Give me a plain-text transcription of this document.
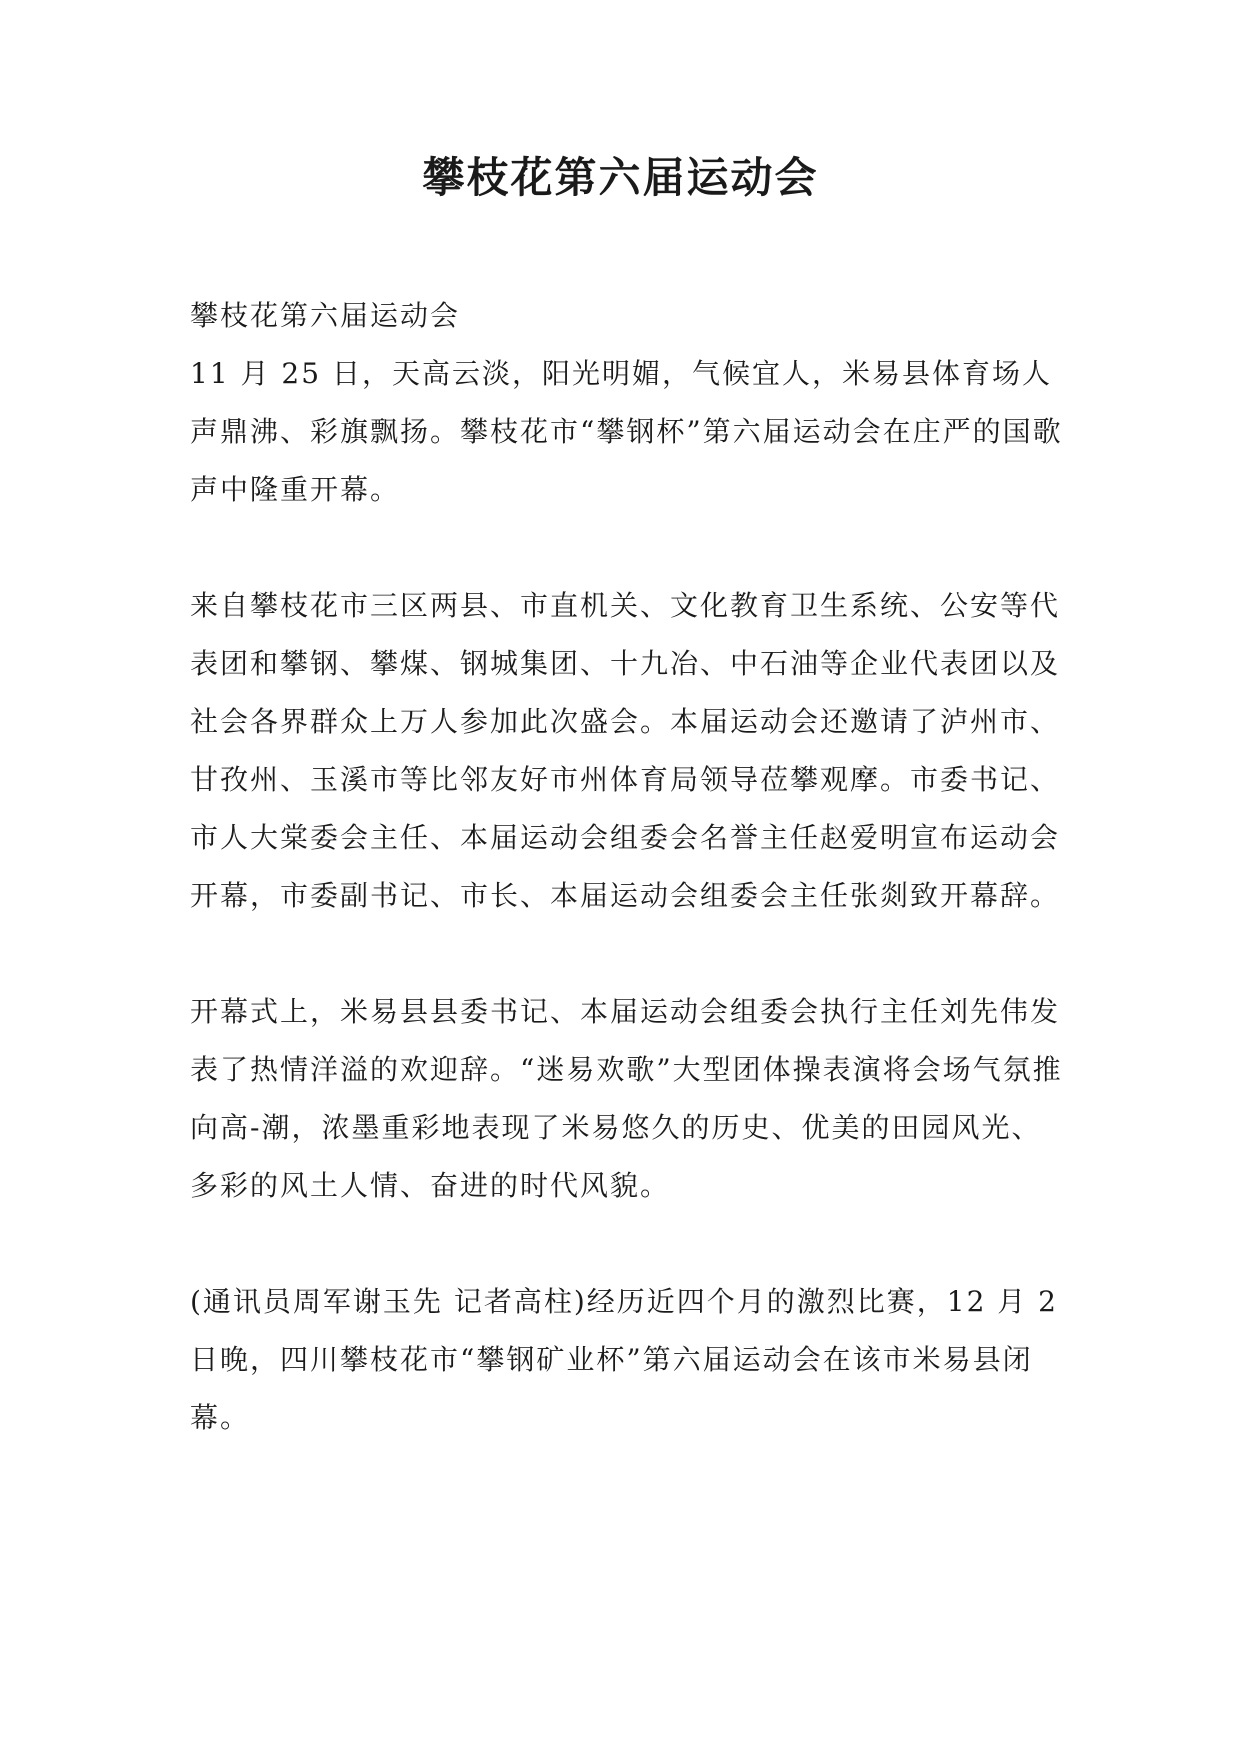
攀枝花第六届运动会

攀枝花第六届运动会

11 月 25 日，天高云淡，阳光明媚，气候宜人，米易县体育场人声鼎沸、彩旗飘扬。攀枝花市“攀钢杯”第六届运动会在庄严的国歌声中隆重开幕。

来自攀枝花市三区两县、市直机关、文化教育卫生系统、公安等代表团和攀钢、攀煤、钢城集团、十九冶、中石油等企业代表团以及社会各界群众上万人参加此次盛会。本届运动会还邀请了泸州市、甘孜州、玉溪市等比邻友好市州体育局领导莅攀观摩。市委书记、市人大棠委会主任、本届运动会组委会名誉主任赵爱明宣布运动会开幕，市委副书记、市长、本届运动会组委会主任张剡致开幕辞。

开幕式上，米易县县委书记、本届运动会组委会执行主任刘先伟发表了热情洋溢的欢迎辞。“迷易欢歌”大型团体操表演将会场气氛推向高-潮，浓墨重彩地表现了米易悠久的历史、优美的田园风光、多彩的风土人情、奋进的时代风貌。

(通讯员周军谢玉先 记者高柱)经历近四个月的激烈比赛，12 月 2 日晚，四川攀枝花市“攀钢矿业杯”第六届运动会在该市米易县闭幕。
